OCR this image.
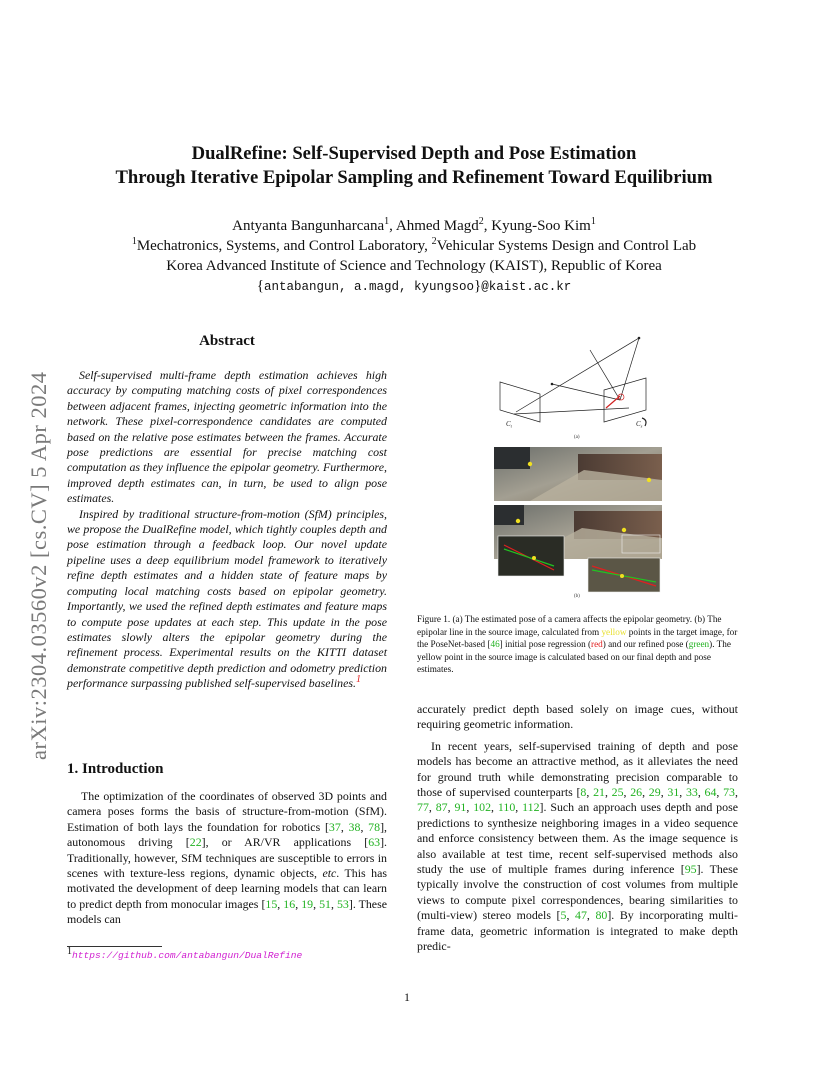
arXiv:2304.03560v2 [cs.CV] 5 Apr 2024
DualRefine: Self-Supervised Depth and Pose Estimation
Through Iterative Epipolar Sampling and Refinement Toward Equilibrium
Antyanta Bangunharcana$^1$, Ahmed Magd$^2$, Kyung-Soo Kim$^1$
$^1$Mechatronics, Systems, and Control Laboratory, $^2$Vehicular Systems Design and Control Lab
Korea Advanced Institute of Science and Technology (KAIST), Republic of Korea
{antabangun, a.magd, kyungsoo}@kaist.ac.kr
Abstract

Self-supervised multi-frame depth estimation achieves high accuracy by computing matching costs of pixel correspondences between adjacent frames, injecting geometric information into the network. These pixel-correspondence candidates are computed based on the relative pose estimates between the frames. Accurate pose predictions are essential for precise matching cost computation as they influence the epipolar geometry. Furthermore, improved depth estimates can, in turn, be used to align pose estimates.

Inspired by traditional structure-from-motion (SfM) principles, we propose the DualRefine model, which tightly couples depth and pose estimation through a feedback loop. Our novel update pipeline uses a deep equilibrium model framework to iteratively refine depth estimates and a hidden state of feature maps by computing local matching costs based on epipolar geometry. Importantly, we used the refined depth estimates and feature maps to compute pose updates at each step. This update in the pose estimates slowly alters the epipolar geometry during the refinement process. Experimental results on the KITTI dataset demonstrate competitive depth prediction and odometry prediction performance surpassing published self-supervised baselines.$^1$

1. Introduction

The optimization of the coordinates of observed 3D points and camera poses forms the basis of structure-from-motion (SfM). Estimation of both lays the foundation for robotics [37, 38, 78], autonomous driving [22], or AR/VR applications [63]. Traditionally, however, SfM techniques are susceptible to errors in scenes with texture-less regions, dynamic objects, etc. This has motivated the development of deep learning models that can learn to predict depth from monocular images [15, 16, 19, 51, 53]. These models can

$^1$https://github.com/antabangun/DualRefine
$C_t$	$C_s$
(a)
(b)
Figure 1. (a) The estimated pose of a camera affects the epipolar geometry. (b) The epipolar line in the source image, calculated from yellow points in the target image, for the PoseNet-based [46] initial pose regression (red) and our refined pose (green). The yellow point in the source image is calculated based on our final depth and pose estimates.

accurately predict depth based solely on image cues, without requiring geometric information.

In recent years, self-supervised training of depth and pose models has become an attractive method, as it alleviates the need for ground truth while demonstrating precision comparable to those of supervised counterparts [8, 21, 25, 26, 29, 31, 33, 64, 73, 77, 87, 91, 102, 110, 112]. Such an approach uses depth and pose predictions to synthesize neighboring images in a video sequence and enforce consistency between them. As the image sequence is also available at test time, recent self-supervised methods also study the use of multiple frames during inference [95]. These typically involve the construction of cost volumes from multiple views to compute pixel correspondences, bearing similarities to (multi-view) stereo models [5, 47, 80]. By incorporating multi-frame data, geometric information is integrated to make depth predic-

1
